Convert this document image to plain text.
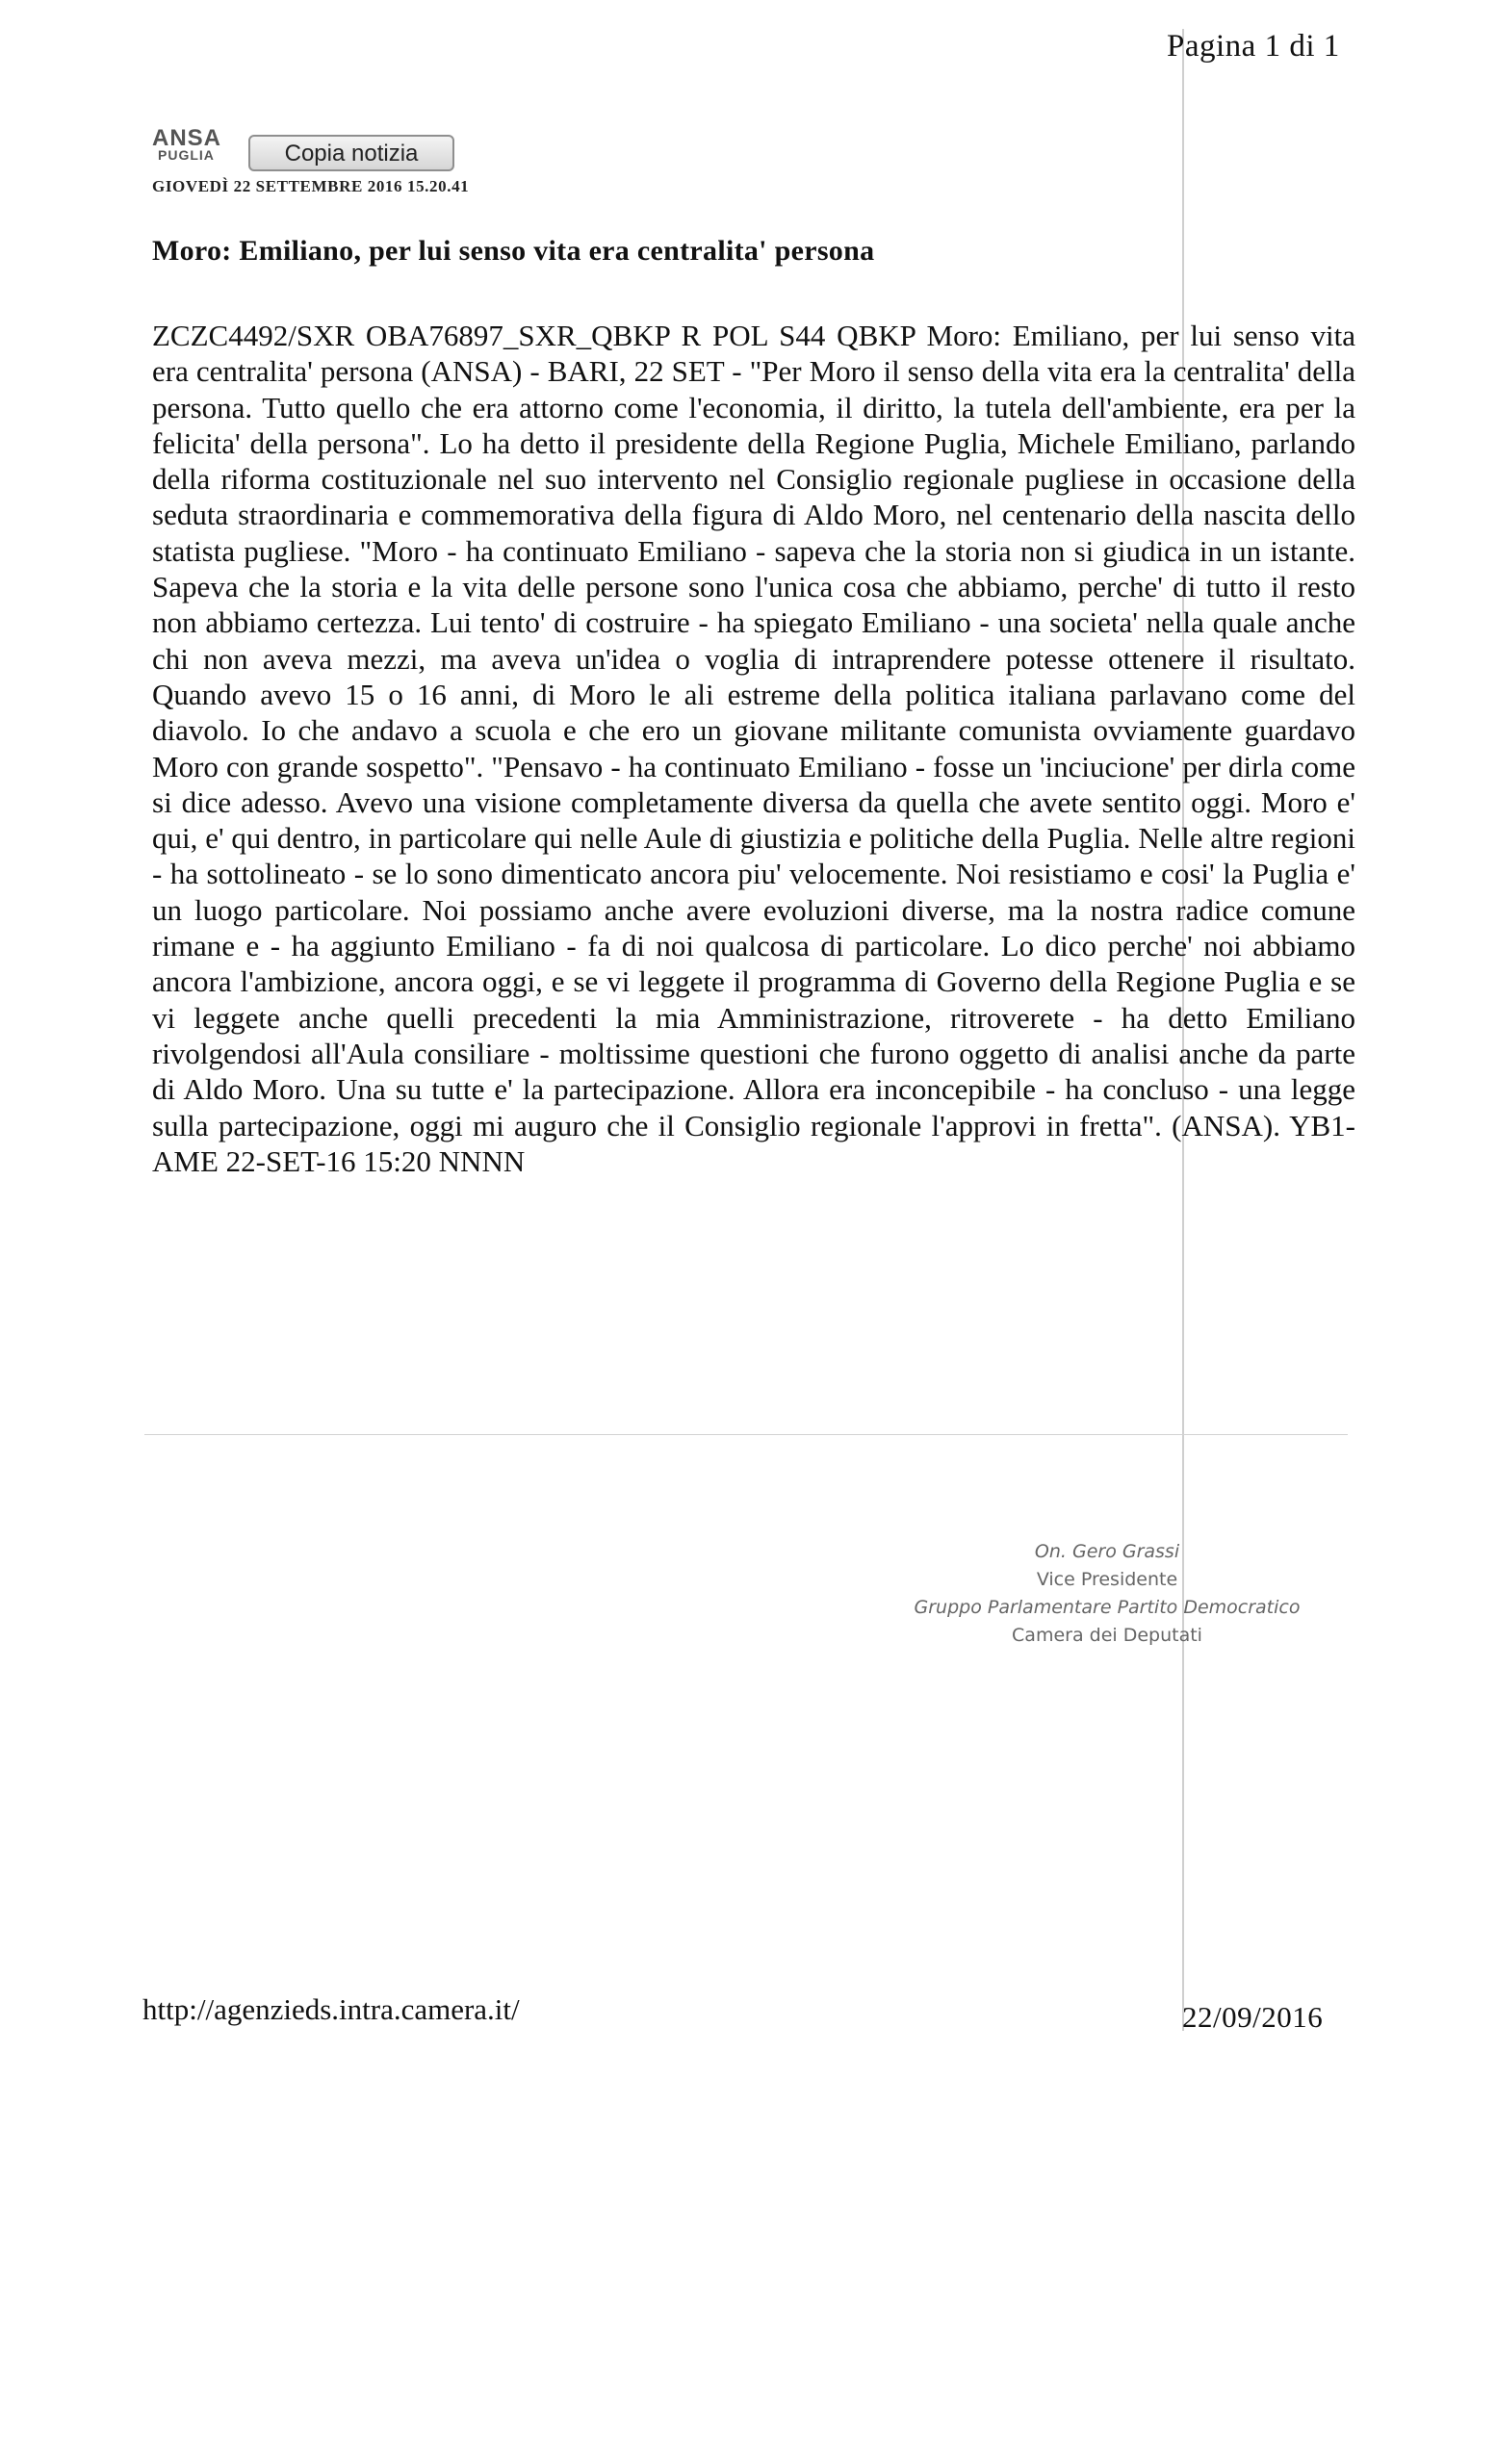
Pagina 1 di 1
ANSA
PUGLIA	Copia notizia
GIOVEDÌ 22 SETTEMBRE 2016 15.20.41
Moro: Emiliano, per lui senso vita era centralita' persona

ZCZC4492/SXR OBA76897_SXR_QBKP R POL S44 QBKP Moro: Emiliano, per lui senso vita era centralita' persona (ANSA) - BARI, 22 SET - "Per Moro il senso della vita era la centralita' della persona. Tutto quello che era attorno come l'economia, il diritto, la tutela dell'ambiente, era per la felicita' della persona". Lo ha detto il presidente della Regione Puglia, Michele Emiliano, parlando della riforma costituzionale nel suo intervento nel Consiglio regionale pugliese in occasione della seduta straordinaria e commemorativa della figura di Aldo Moro, nel centenario della nascita dello statista pugliese. "Moro - ha continuato Emiliano - sapeva che la storia non si giudica in un istante. Sapeva che la storia e la vita delle persone sono l'unica cosa che abbiamo, perche' di tutto il resto non abbiamo certezza. Lui tento' di costruire - ha spiegato Emiliano - una societa' nella quale anche chi non aveva mezzi, ma aveva un'idea o voglia di intraprendere potesse ottenere il risultato. Quando avevo 15 o 16 anni, di Moro le ali estreme della politica italiana parlavano come del diavolo. Io che andavo a scuola e che ero un giovane militante comunista ovviamente guardavo Moro con grande sospetto". "Pensavo - ha continuato Emiliano - fosse un 'inciucione' per dirla come si dice adesso. Avevo una visione completamente diversa da quella che avete sentito oggi. Moro e' qui, e' qui dentro, in particolare qui nelle Aule di giustizia e politiche della Puglia. Nelle altre regioni - ha sottolineato - se lo sono dimenticato ancora piu' velocemente. Noi resistiamo e cosi' la Puglia e' un luogo particolare. Noi possiamo anche avere evoluzioni diverse, ma la nostra radice comune rimane e - ha aggiunto Emiliano - fa di noi qualcosa di particolare. Lo dico perche' noi abbiamo ancora l'ambizione, ancora oggi, e se vi leggete il programma di Governo della Regione Puglia e se vi leggete anche quelli precedenti la mia Amministrazione, ritroverete - ha detto Emiliano rivolgendosi all'Aula consiliare - moltissime questioni che furono oggetto di analisi anche da parte di Aldo Moro. Una su tutte e' la partecipazione. Allora era inconcepibile - ha concluso - una legge sulla partecipazione, oggi mi auguro che il Consiglio regionale l'approvi in fretta". (ANSA). YB1-AME 22-SET-16 15:20 NNNN

On. Gero Grassi
Vice Presidente
Gruppo Parlamentare Partito Democratico
Camera dei Deputati
http://agenzieds.intra.camera.it/	22/09/2016
